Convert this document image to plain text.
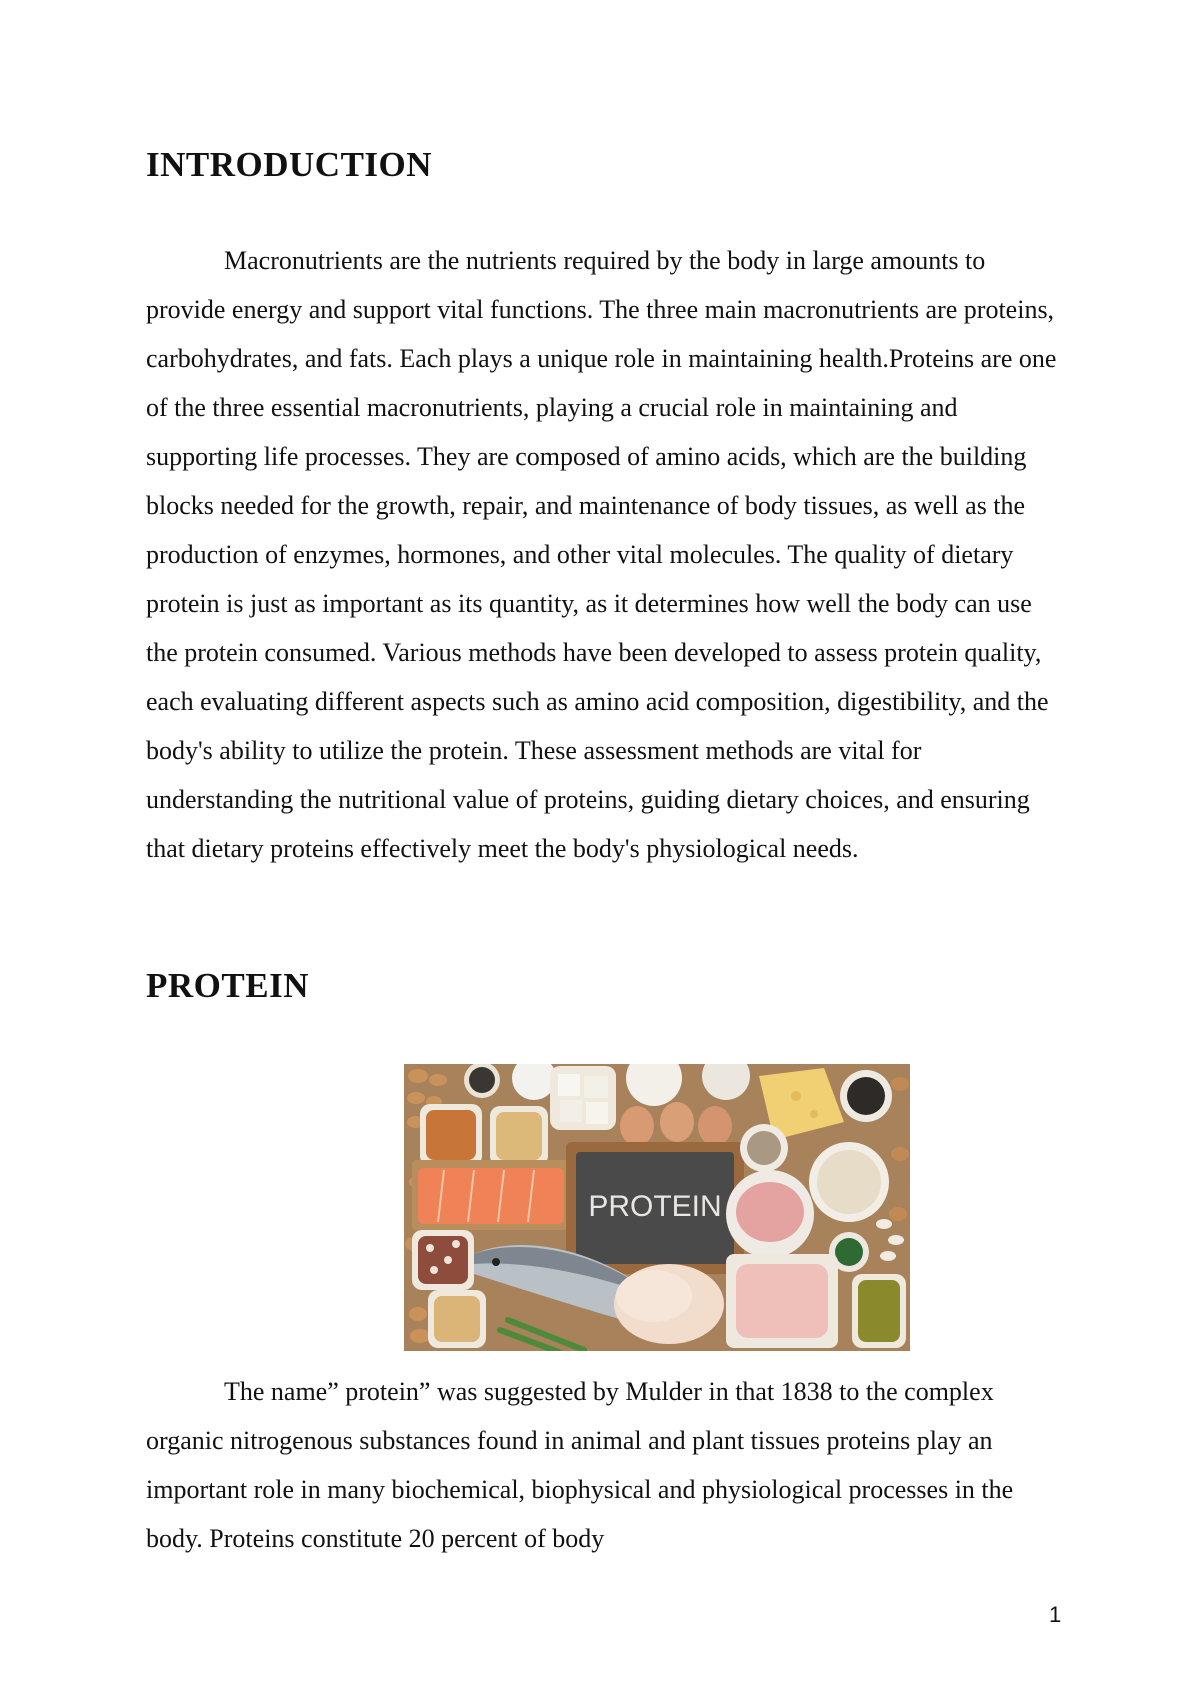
INTRODUCTION

Macronutrients are the nutrients required by the body in large amounts to provide energy and support vital functions. The three main macronutrients are proteins, carbohydrates, and fats. Each plays a unique role in maintaining health.Proteins are one of the three essential macronutrients, playing a crucial role in maintaining and supporting life processes. They are composed of amino acids, which are the building blocks needed for the growth, repair, and maintenance of body tissues, as well as the production of enzymes, hormones, and other vital molecules. The quality of dietary protein is just as important as its quantity, as it determines how well the body can use the protein consumed. Various methods have been developed to assess protein quality, each evaluating different aspects such as amino acid composition, digestibility, and the body's ability to utilize the protein. These assessment methods are vital for understanding the nutritional value of proteins, guiding dietary choices, and ensuring that dietary proteins effectively meet the body's physiological needs.

PROTEIN
PROTEIN

The name” protein” was suggested by Mulder in that 1838 to the complex organic nitrogenous substances found in animal and plant tissues proteins play an important role in many biochemical, biophysical and physiological processes in the body. Proteins constitute 20 percent of body

1
